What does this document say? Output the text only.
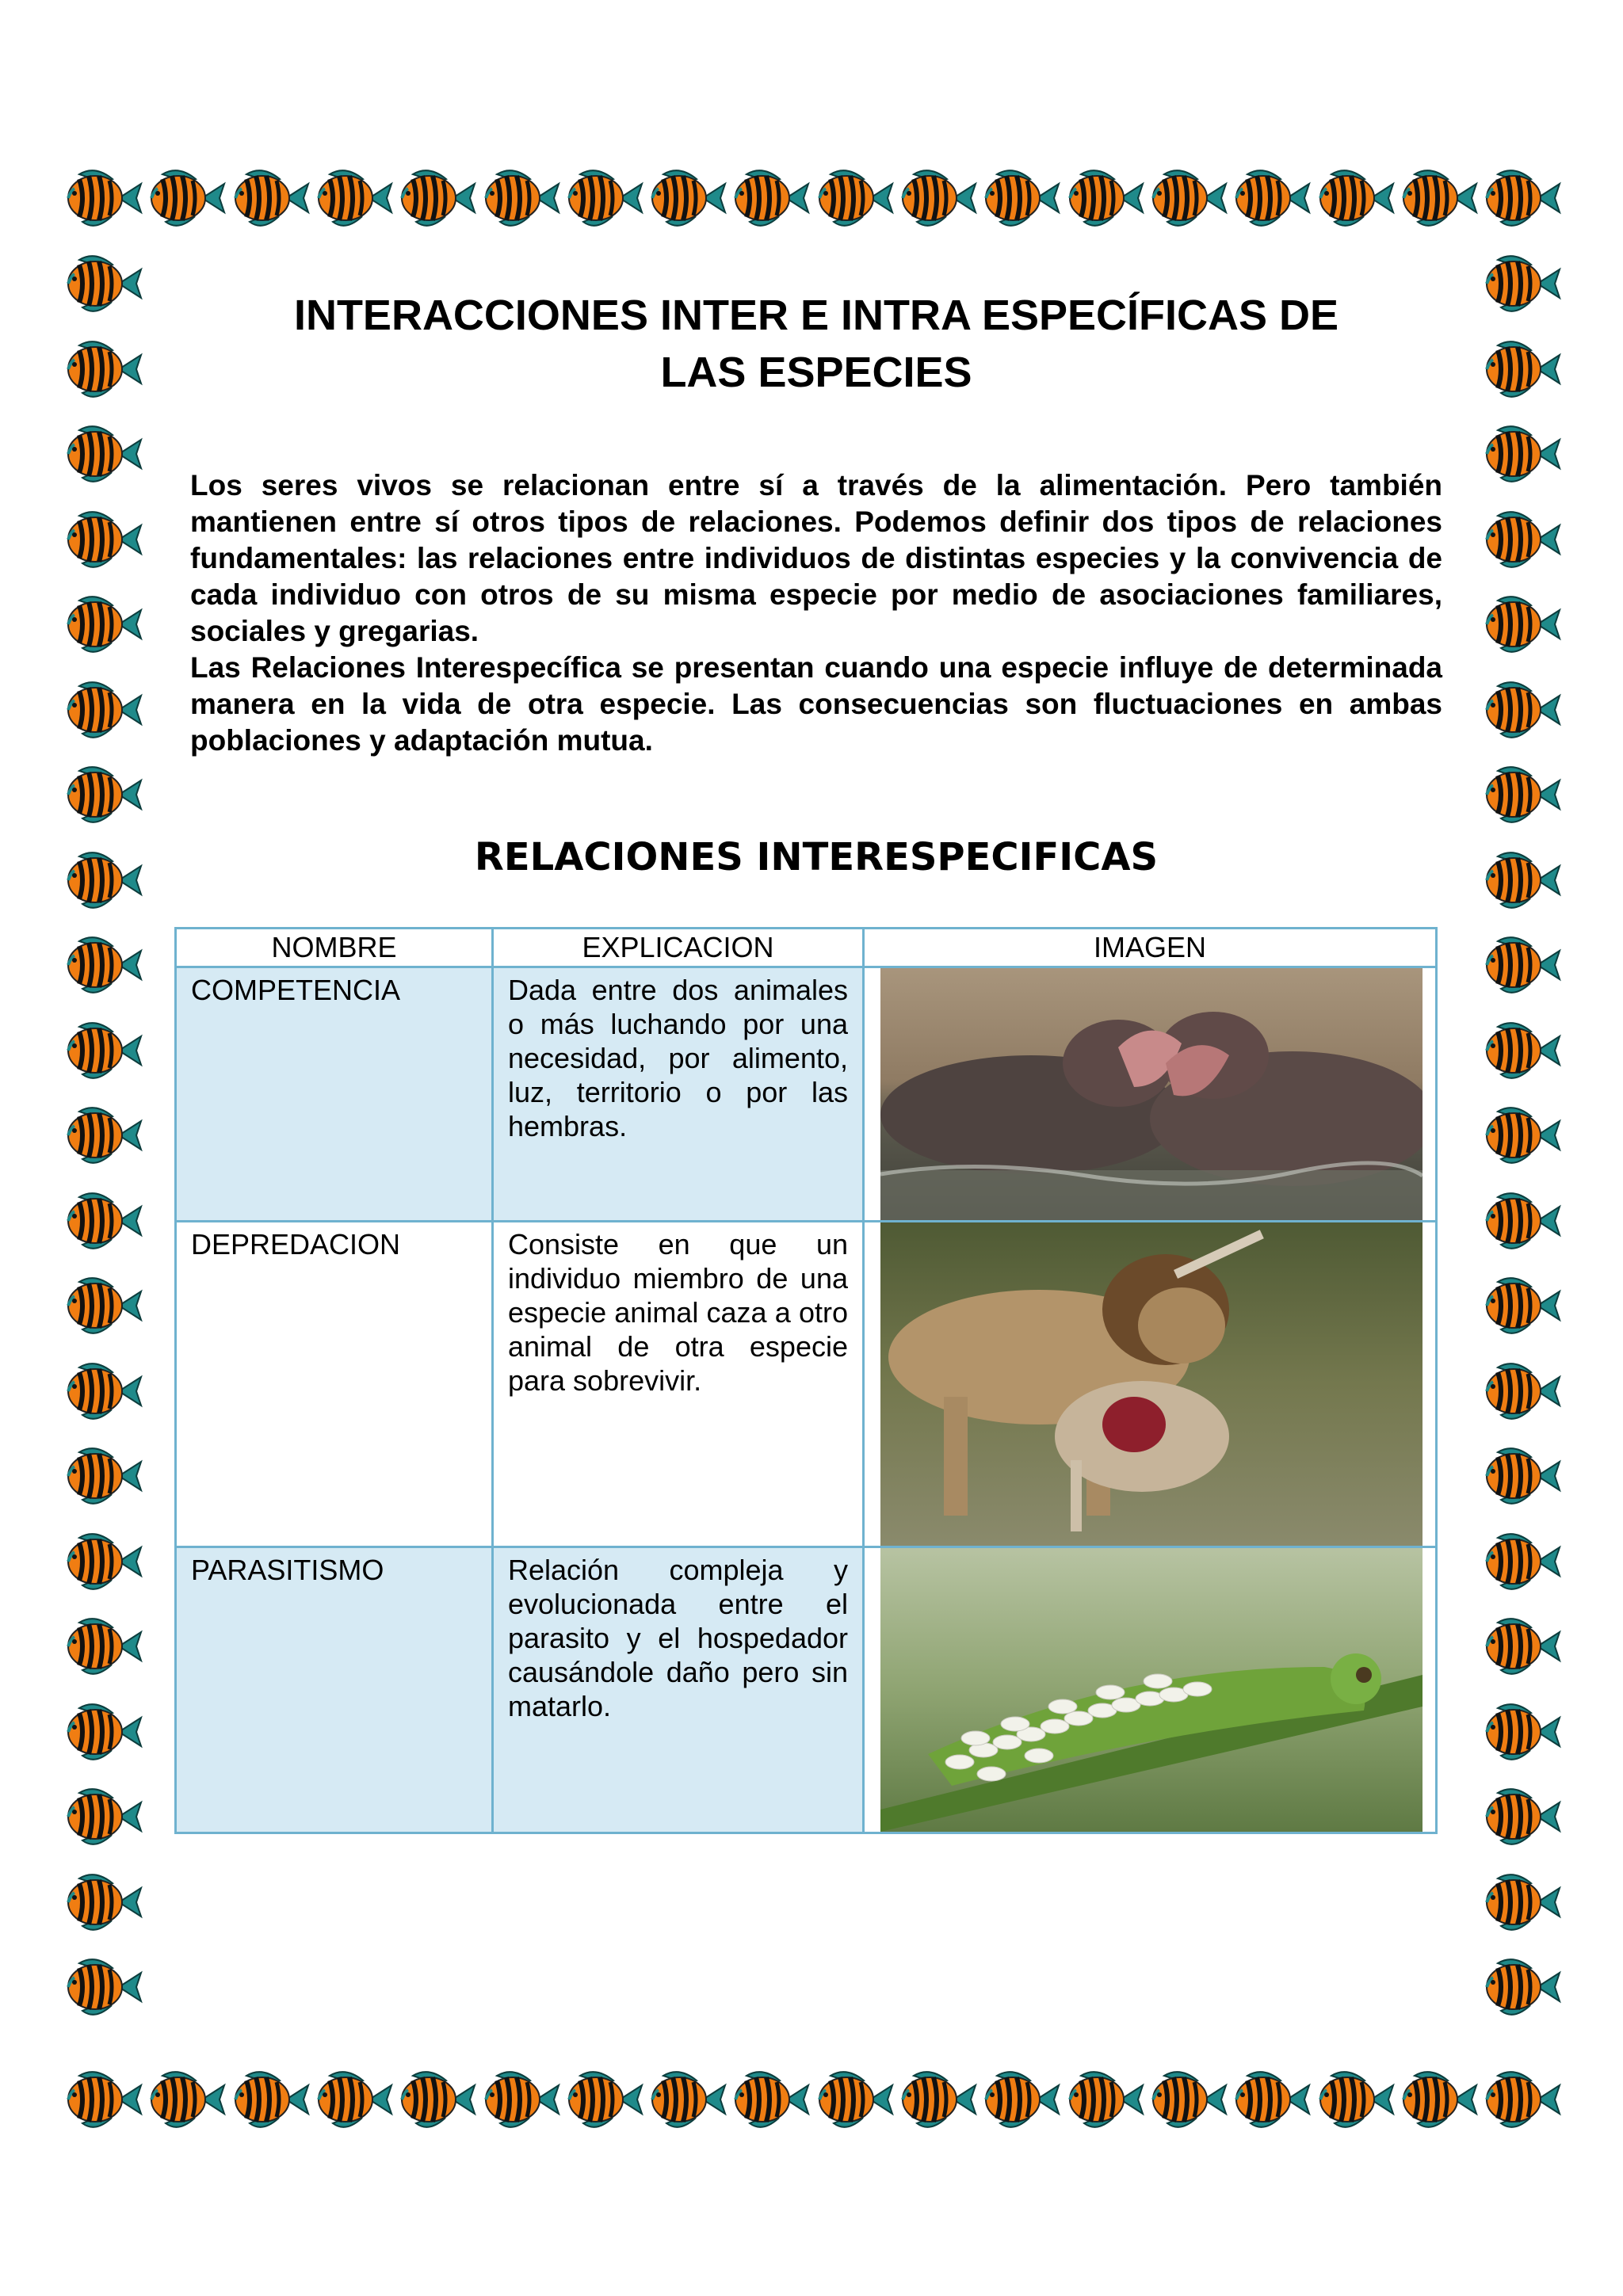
INTERACCIONES INTER E INTRA ESPECÍFICAS DE
LAS ESPECIES

Los seres vivos se relacionan entre sí a través de la alimentación. Pero también mantienen entre sí otros tipos de relaciones. Podemos definir dos tipos de relaciones fundamentales: las relaciones entre individuos de distintas especies y la convivencia de cada individuo con otros de su misma especie por medio de asociaciones familiares, sociales y gregarias.

Las Relaciones Interespecífica se presentan cuando una especie influye de determinada manera en la vida de otra especie. Las consecuencias son fluctuaciones en ambas poblaciones y adaptación mutua.

RELACIONES INTERESPECIFICAS
NOMBRE	EXPLICACION	IMAGEN
COMPETENCIA	Dada entre dos animales o más luchando por una necesidad, por alimento, luz, territorio o por las hembras.	

DEPREDACION	Consiste en que un individuo miembro de una especie animal caza a otro animal de otra especie para sobrevivir.	

PARASITISMO	Relación compleja y evolucionada entre el parasito y el hospedador causándole daño pero sin matarlo.	
